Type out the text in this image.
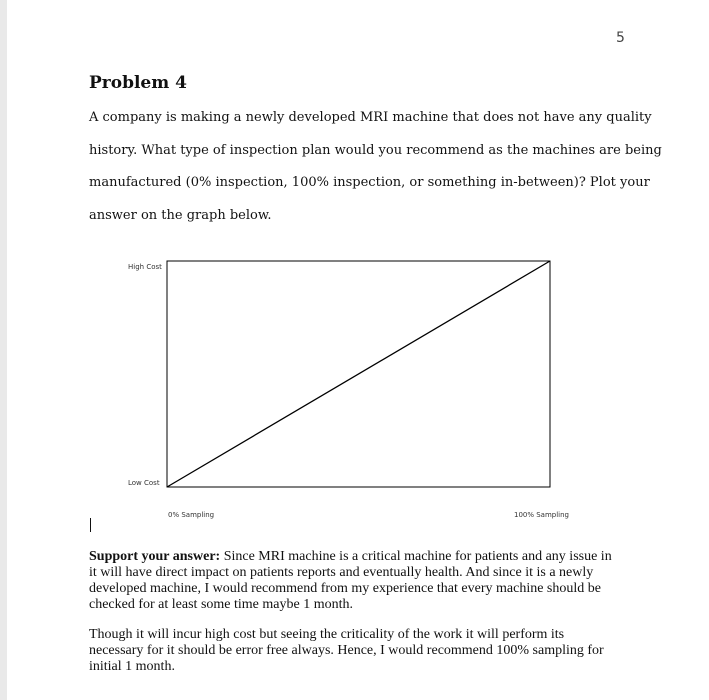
5
Problem 4
A company is making a newly developed MRI machine that does not have any quality
history. What type of inspection plan would you recommend as the machines are being
manufactured (0% inspection, 100% inspection, or something in-between)? Plot your
answer on the graph below.
High Cost
Low Cost
0% Sampling	100% Sampling
Support your answer: Since MRI machine is a critical machine for patients and any issue in it will have direct impact on patients reports and eventually health. And since it is a newly developed machine, I would recommend from my experience that every machine should be checked for at least some time maybe 1 month.
Though it will incur high cost but seeing the criticality of the work it will perform its necessary for it should be error free always. Hence, I would recommend 100% sampling for initial 1 month.
